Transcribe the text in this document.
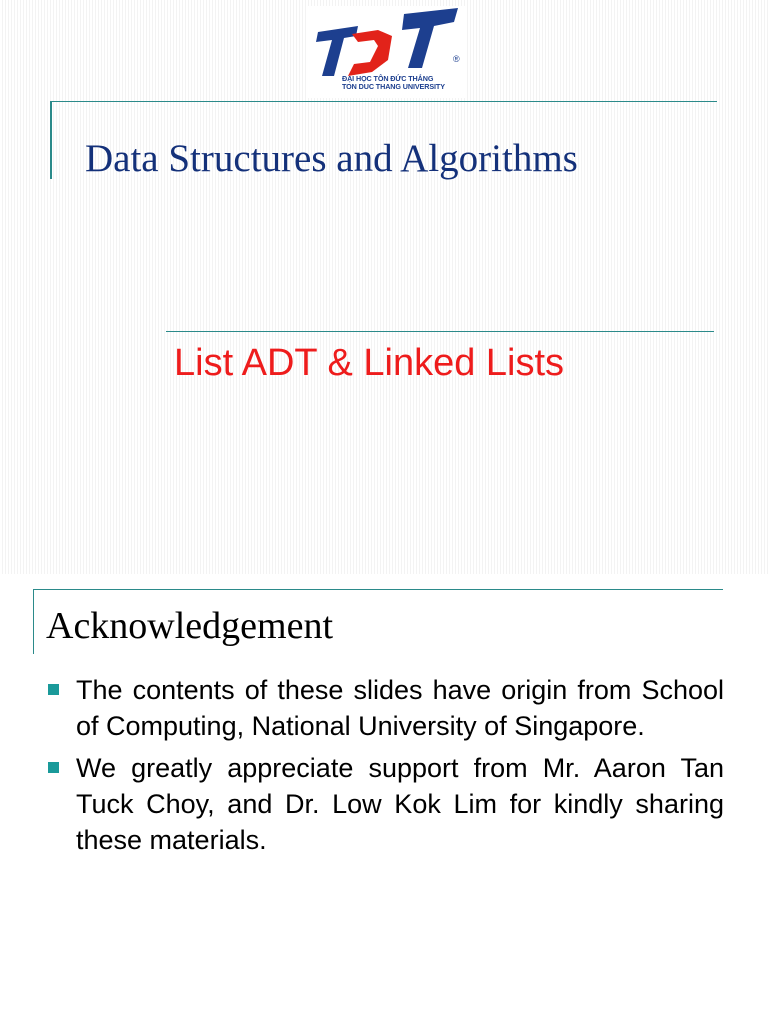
®
ĐẠI HỌC TÔN ĐỨC THẮNG
TON DUC THANG UNIVERSITY
Data Structures and Algorithms
List ADT & Linked Lists
Acknowledgement
The contents of these slides have origin from School of Computing, National University of Singapore.
We greatly appreciate support from Mr. Aaron Tan Tuck Choy, and Dr. Low Kok Lim for kindly sharing these materials.
